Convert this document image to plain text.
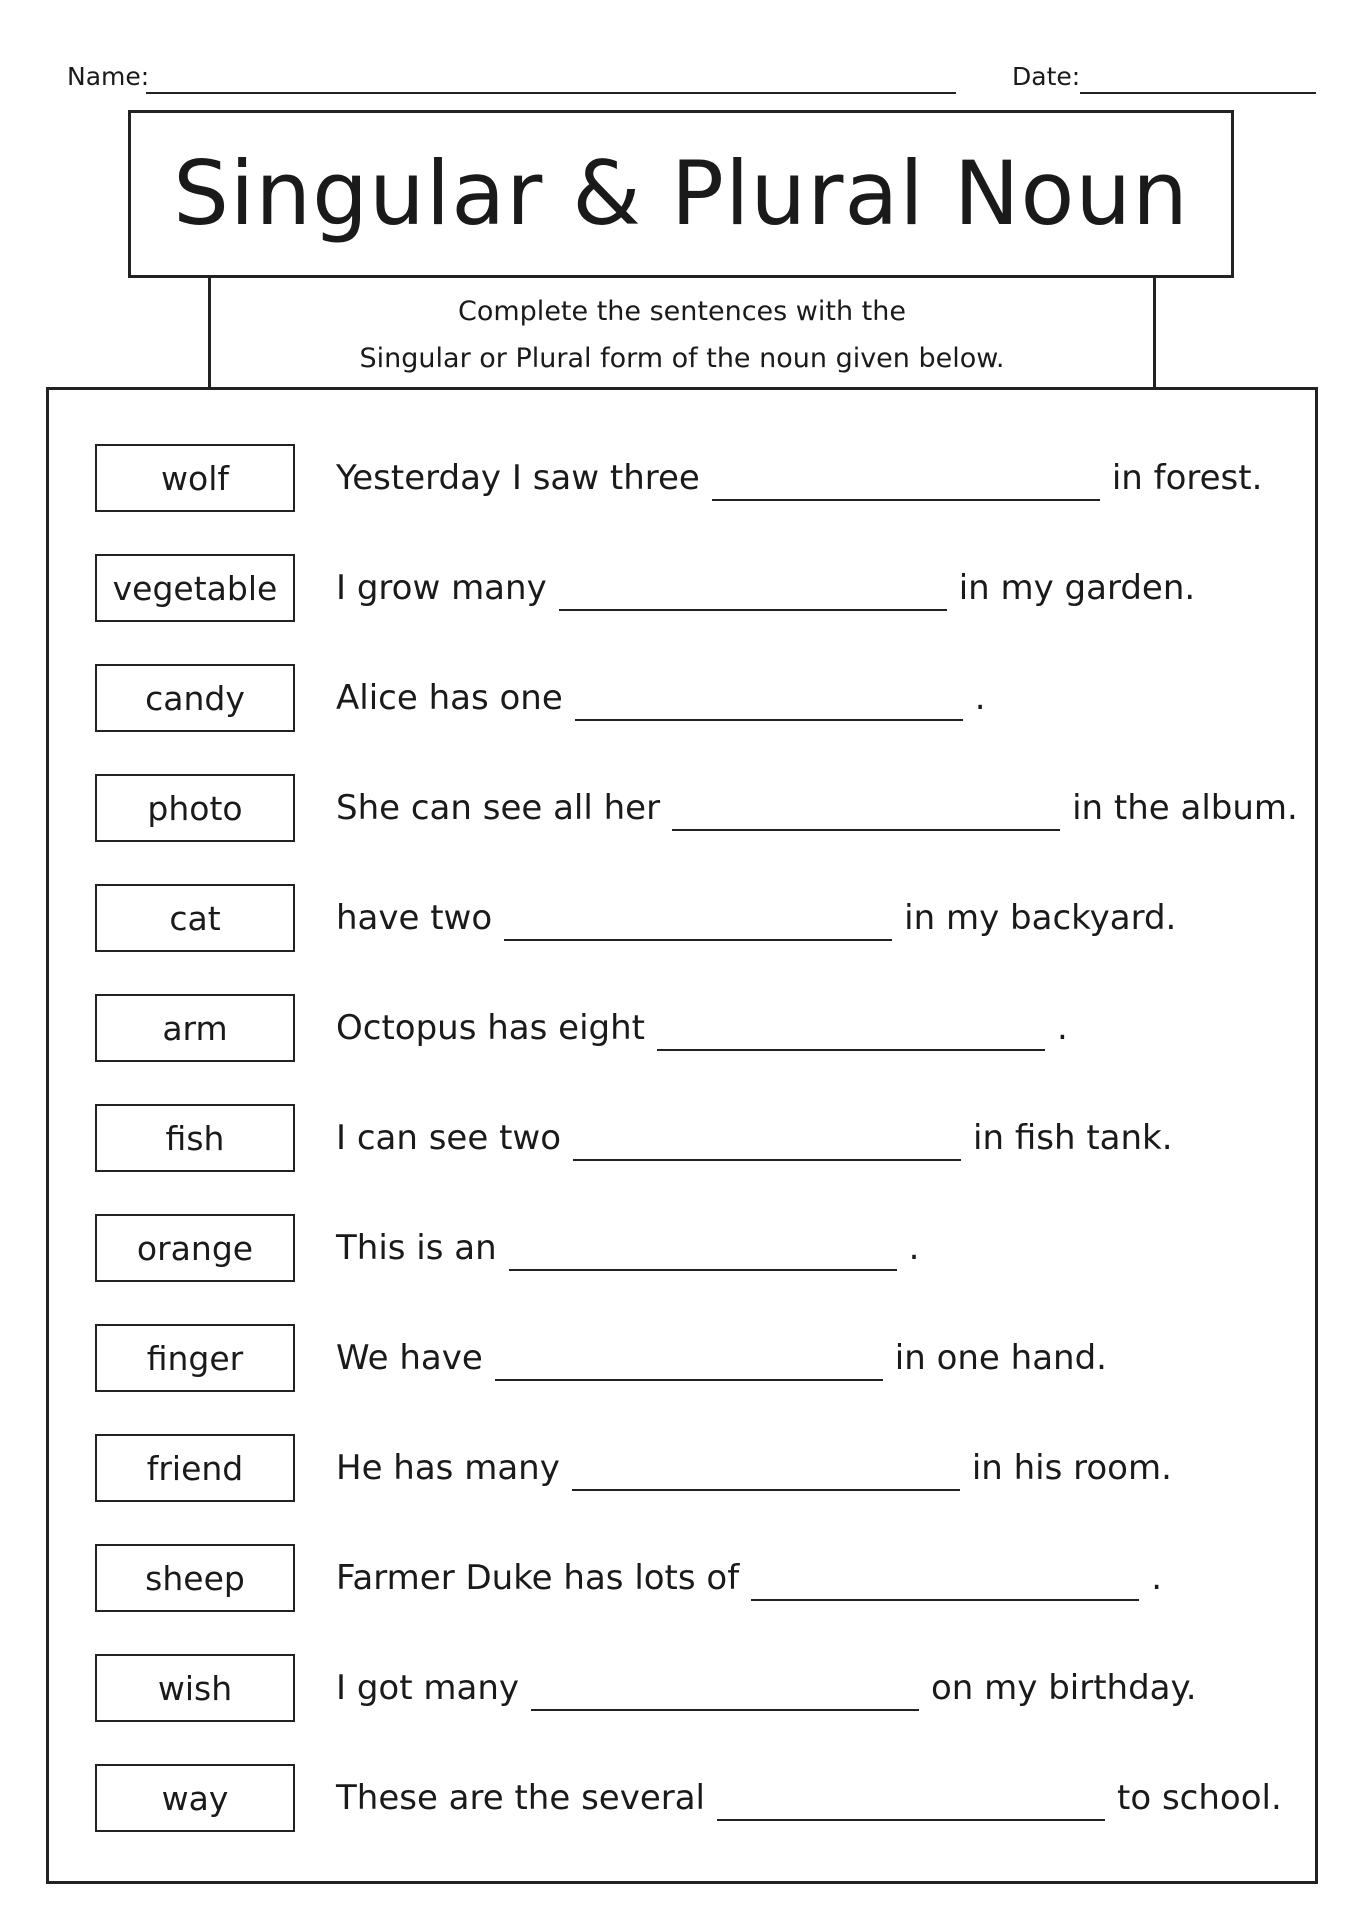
Name:	Date:
Singular & Plural Noun
Complete the sentences with the
Singular or Plural form of the noun given below.
wolf	Yesterday I saw three	in forest.
vegetable	I grow many	in my garden.
candy	Alice has one	.
photo	She can see all her	in the album.
cat	have two	in my backyard.
arm	Octopus has eight	.
fish	I can see two	in fish tank.
orange	This is an	.
finger	We have	in one hand.
friend	He has many	in his room.
sheep	Farmer Duke has lots of	.
wish	I got many	on my birthday.
way	These are the several	to school.
